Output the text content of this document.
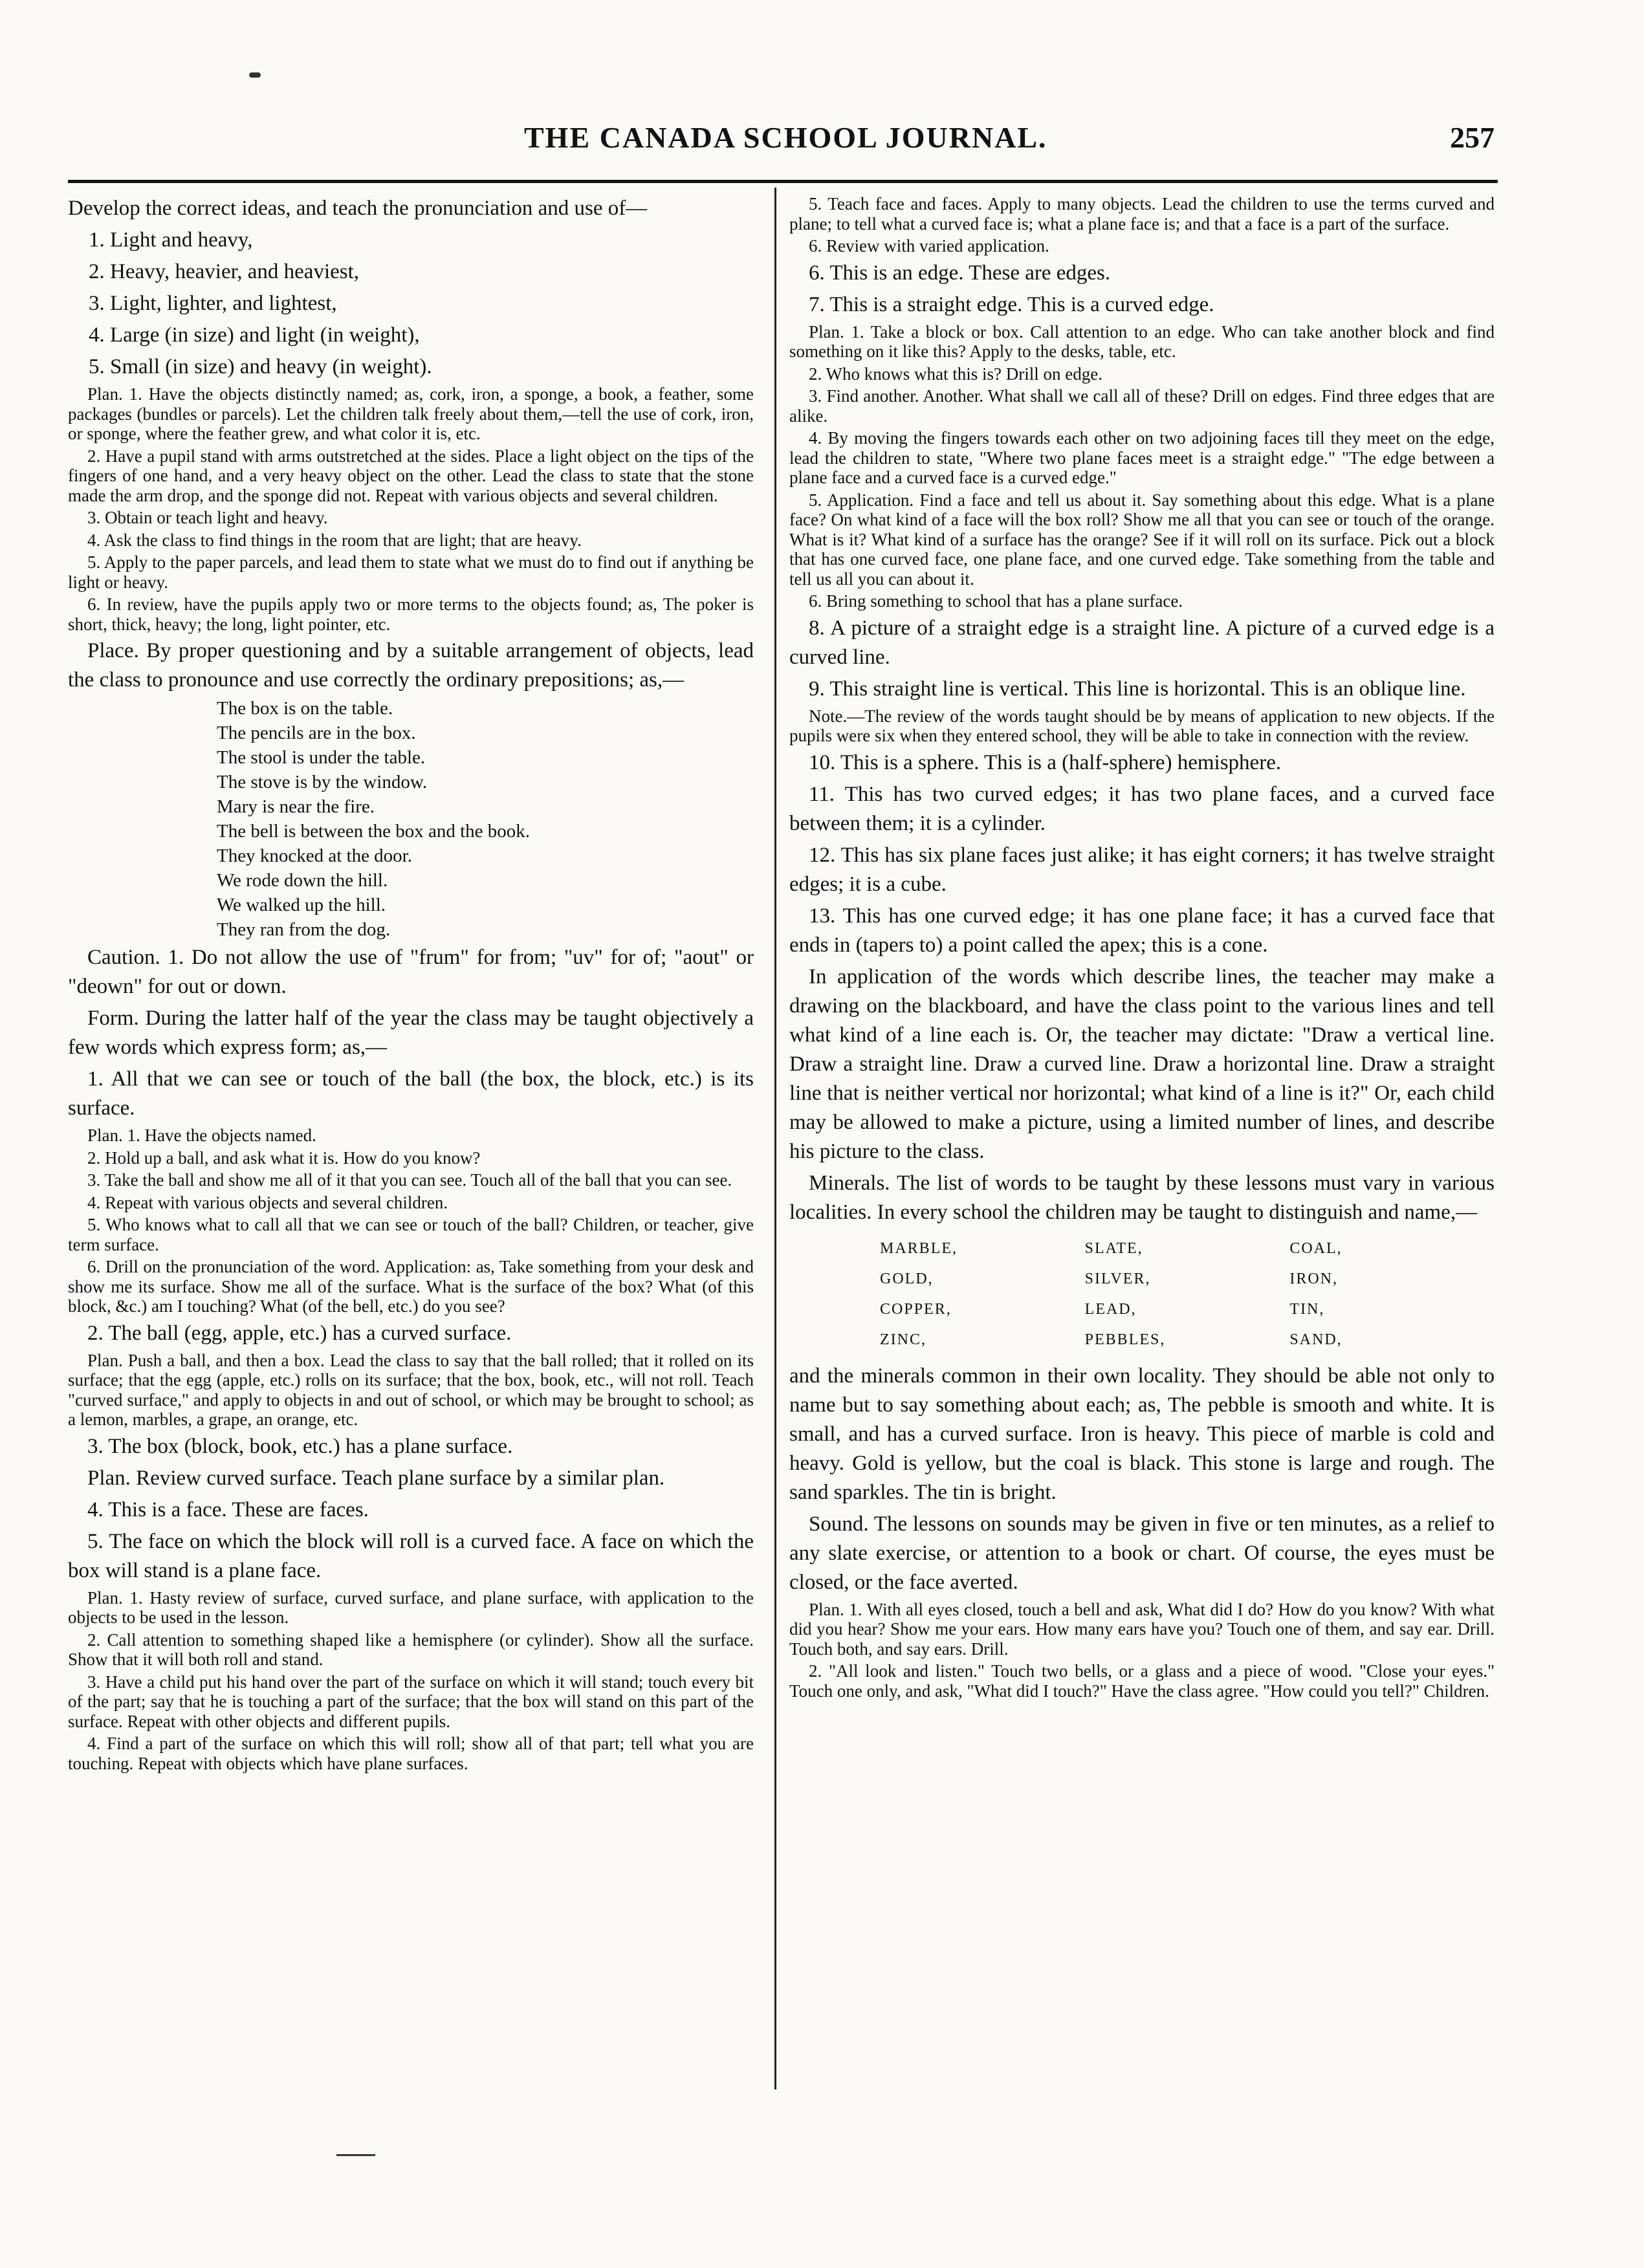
THE CANADA SCHOOL JOURNAL.	257

Develop the correct ideas, and teach the pronunciation and use of—

1. Light and heavy,

2. Heavy, heavier, and heaviest,

3. Light, lighter, and lightest,

4. Large (in size) and light (in weight),

5. Small (in size) and heavy (in weight).

Plan. 1. Have the objects distinctly named; as, cork, iron, a sponge, a book, a feather, some packages (bundles or parcels). Let the children talk freely about them,—tell the use of cork, iron, or sponge, where the feather grew, and what color it is, etc.

2. Have a pupil stand with arms outstretched at the sides. Place a light object on the tips of the fingers of one hand, and a very heavy object on the other. Lead the class to state that the stone made the arm drop, and the sponge did not. Repeat with various objects and several children.

3. Obtain or teach light and heavy.

4. Ask the class to find things in the room that are light; that are heavy.

5. Apply to the paper parcels, and lead them to state what we must do to find out if anything be light or heavy.

6. In review, have the pupils apply two or more terms to the objects found; as, The poker is short, thick, heavy; the long, light pointer, etc.

Place. By proper questioning and by a suitable arrangement of objects, lead the class to pronounce and use correctly the ordinary prepositions; as,—

The box is on the table.

The pencils are in the box.

The stool is under the table.

The stove is by the window.

Mary is near the fire.

The bell is between the box and the book.

They knocked at the door.

We rode down the hill.

We walked up the hill.

They ran from the dog.

Caution. 1. Do not allow the use of "frum" for from; "uv" for of; "aout" or "deown" for out or down.

Form. During the latter half of the year the class may be taught objectively a few words which express form; as,—

1. All that we can see or touch of the ball (the box, the block, etc.) is its surface.

Plan. 1. Have the objects named.

2. Hold up a ball, and ask what it is. How do you know?

3. Take the ball and show me all of it that you can see. Touch all of the ball that you can see.

4. Repeat with various objects and several children.

5. Who knows what to call all that we can see or touch of the ball? Children, or teacher, give term surface.

6. Drill on the pronunciation of the word. Application: as, Take something from your desk and show me its surface. Show me all of the surface. What is the surface of the box? What (of this block, &c.) am I touching? What (of the bell, etc.) do you see?

2. The ball (egg, apple, etc.) has a curved surface.

Plan. Push a ball, and then a box. Lead the class to say that the ball rolled; that it rolled on its surface; that the egg (apple, etc.) rolls on its surface; that the box, book, etc., will not roll. Teach "curved surface," and apply to objects in and out of school, or which may be brought to school; as a lemon, marbles, a grape, an orange, etc.

3. The box (block, book, etc.) has a plane surface.

Plan. Review curved surface. Teach plane surface by a similar plan.

4. This is a face. These are faces.

5. The face on which the block will roll is a curved face. A face on which the box will stand is a plane face.

Plan. 1. Hasty review of surface, curved surface, and plane surface, with application to the objects to be used in the lesson.

2. Call attention to something shaped like a hemisphere (or cylinder). Show all the surface. Show that it will both roll and stand.

3. Have a child put his hand over the part of the surface on which it will stand; touch every bit of the part; say that he is touching a part of the surface; that the box will stand on this part of the surface. Repeat with other objects and different pupils.

4. Find a part of the surface on which this will roll; show all of that part; tell what you are touching. Repeat with objects which have plane surfaces.

5. Teach face and faces. Apply to many objects. Lead the children to use the terms curved and plane; to tell what a curved face is; what a plane face is; and that a face is a part of the surface.

6. Review with varied application.

6. This is an edge. These are edges.

7. This is a straight edge. This is a curved edge.

Plan. 1. Take a block or box. Call attention to an edge. Who can take another block and find something on it like this? Apply to the desks, table, etc.

2. Who knows what this is? Drill on edge.

3. Find another. Another. What shall we call all of these? Drill on edges. Find three edges that are alike.

4. By moving the fingers towards each other on two adjoining faces till they meet on the edge, lead the children to state, "Where two plane faces meet is a straight edge." "The edge between a plane face and a curved face is a curved edge."

5. Application. Find a face and tell us about it. Say something about this edge. What is a plane face? On what kind of a face will the box roll? Show me all that you can see or touch of the orange. What is it? What kind of a surface has the orange? See if it will roll on its surface. Pick out a block that has one curved face, one plane face, and one curved edge. Take something from the table and tell us all you can about it.

6. Bring something to school that has a plane surface.

8. A picture of a straight edge is a straight line. A picture of a curved edge is a curved line.

9. This straight line is vertical. This line is horizontal. This is an oblique line.

Note.—The review of the words taught should be by means of application to new objects. If the pupils were six when they entered school, they will be able to take in connection with the review.

10. This is a sphere. This is a (half-sphere) hemisphere.

11. This has two curved edges; it has two plane faces, and a curved face between them; it is a cylinder.

12. This has six plane faces just alike; it has eight corners; it has twelve straight edges; it is a cube.

13. This has one curved edge; it has one plane face; it has a curved face that ends in (tapers to) a point called the apex; this is a cone.

In application of the words which describe lines, the teacher may make a drawing on the blackboard, and have the class point to the various lines and tell what kind of a line each is. Or, the teacher may dictate: "Draw a vertical line. Draw a straight line. Draw a curved line. Draw a horizontal line. Draw a straight line that is neither vertical nor horizontal; what kind of a line is it?" Or, each child may be allowed to make a picture, using a limited number of lines, and describe his picture to the class.

Minerals. The list of words to be taught by these lessons must vary in various localities. In every school the children may be taught to distinguish and name,—

MARBLE,	SLATE,	COAL,
GOLD,	SILVER,	IRON,
COPPER,	LEAD,	TIN,
ZINC,	PEBBLES,	SAND,

and the minerals common in their own locality. They should be able not only to name but to say something about each; as, The pebble is smooth and white. It is small, and has a curved surface. Iron is heavy. This piece of marble is cold and heavy. Gold is yellow, but the coal is black. This stone is large and rough. The sand sparkles. The tin is bright.

Sound. The lessons on sounds may be given in five or ten minutes, as a relief to any slate exercise, or attention to a book or chart. Of course, the eyes must be closed, or the face averted.

Plan. 1. With all eyes closed, touch a bell and ask, What did I do? How do you know? With what did you hear? Show me your ears. How many ears have you? Touch one of them, and say ear. Drill. Touch both, and say ears. Drill.

2. "All look and listen." Touch two bells, or a glass and a piece of wood. "Close your eyes." Touch one only, and ask, "What did I touch?" Have the class agree. "How could you tell?" Children.
